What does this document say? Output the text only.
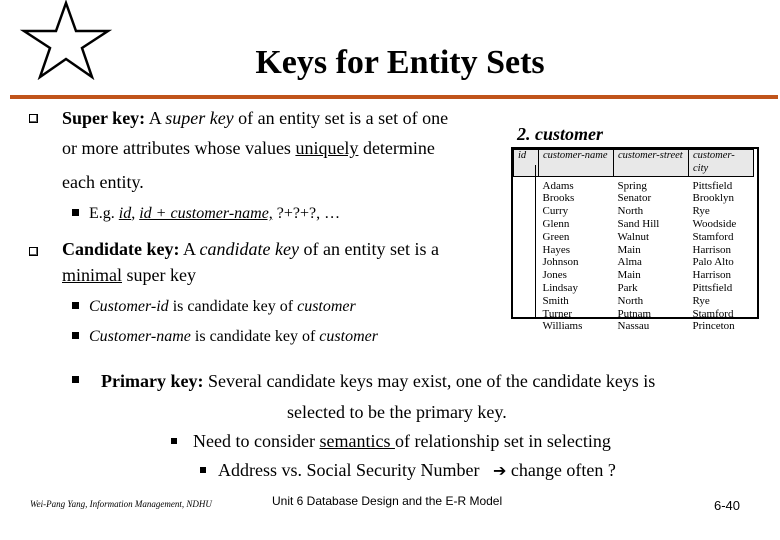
Keys for Entity Sets
Super key: A super key of an entity set is a set of one
or more attributes whose values uniquely determine
each entity.
E.g. id, id + customer-name, ?+?+?, …
Candidate key: A candidate key of an entity set is a
minimal super key
Customer-id is candidate key of customer
Customer-name is candidate key of customer
Primary key: Several candidate keys may exist, one of the candidate keys is
selected to be the primary key.
Need to consider semantics of relationship set in selecting
Address vs. Social Security Number ➔ change often ?
2. customer
id	customer-name	customer-street	customer-city

	Adams	Spring	Pittsfield
	Brooks	Senator	Brooklyn
	Curry	North	Rye
	Glenn	Sand Hill	Woodside
	Green	Walnut	Stamford
	Hayes	Main	Harrison
	Johnson	Alma	Palo Alto
	Jones	Main	Harrison
	Lindsay	Park	Pittsfield
	Smith	North	Rye
	Turner	Putnam	Stamford
	Williams	Nassau	Princeton
Wei-Pang Yang, Information Management, NDHU	Unit 6 Database Design and the E-R Model	6-40
